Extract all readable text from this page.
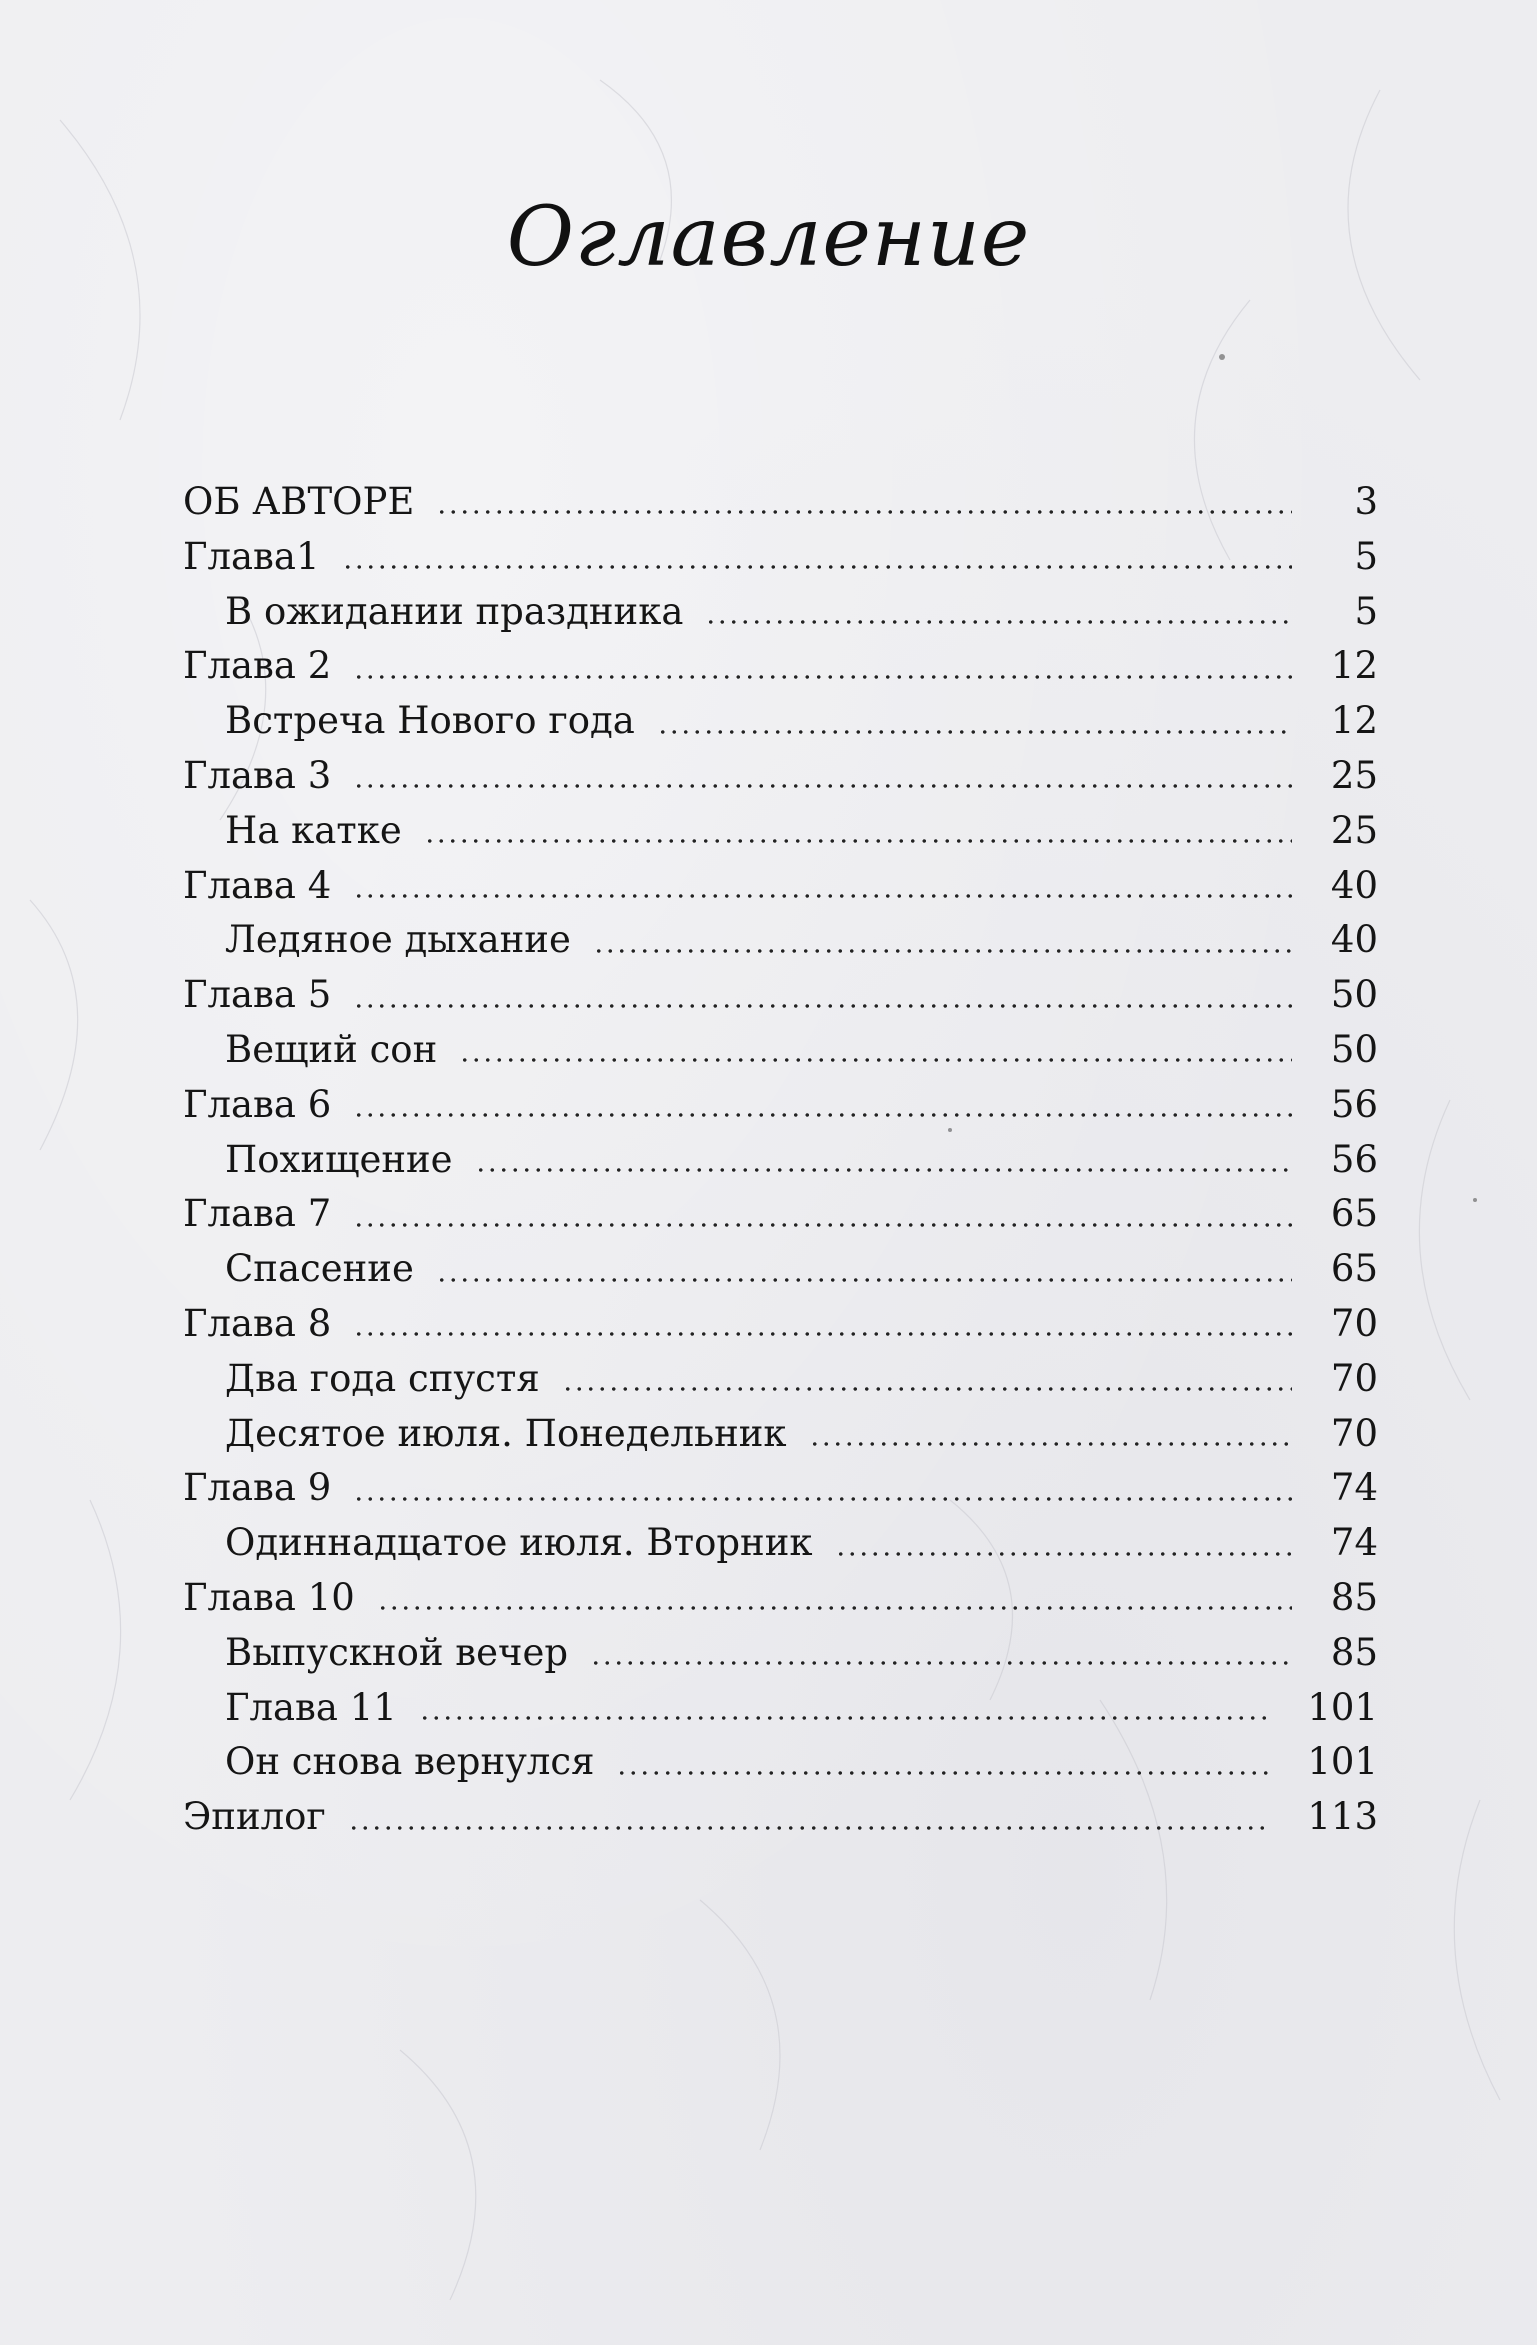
Оглавление
ОБ АВТОРЕ	3
Глава1	5
В ожидании праздника	5
Глава 2	12
Встреча Нового года	12
Глава 3	25
На катке	25
Глава 4	40
Ледяное дыхание	40
Глава 5	50
Вещий сон	50
Глава 6	56
Похищение	56
Глава 7	65
Спасение	65
Глава 8	70
Два года спустя	70
Десятое июля. Понедельник	70
Глава 9	74
Одиннадцатое июля. Вторник	74
Глава 10	85
Выпускной вечер	85
Глава 11	101
Он снова вернулся	101
Эпилог	113
